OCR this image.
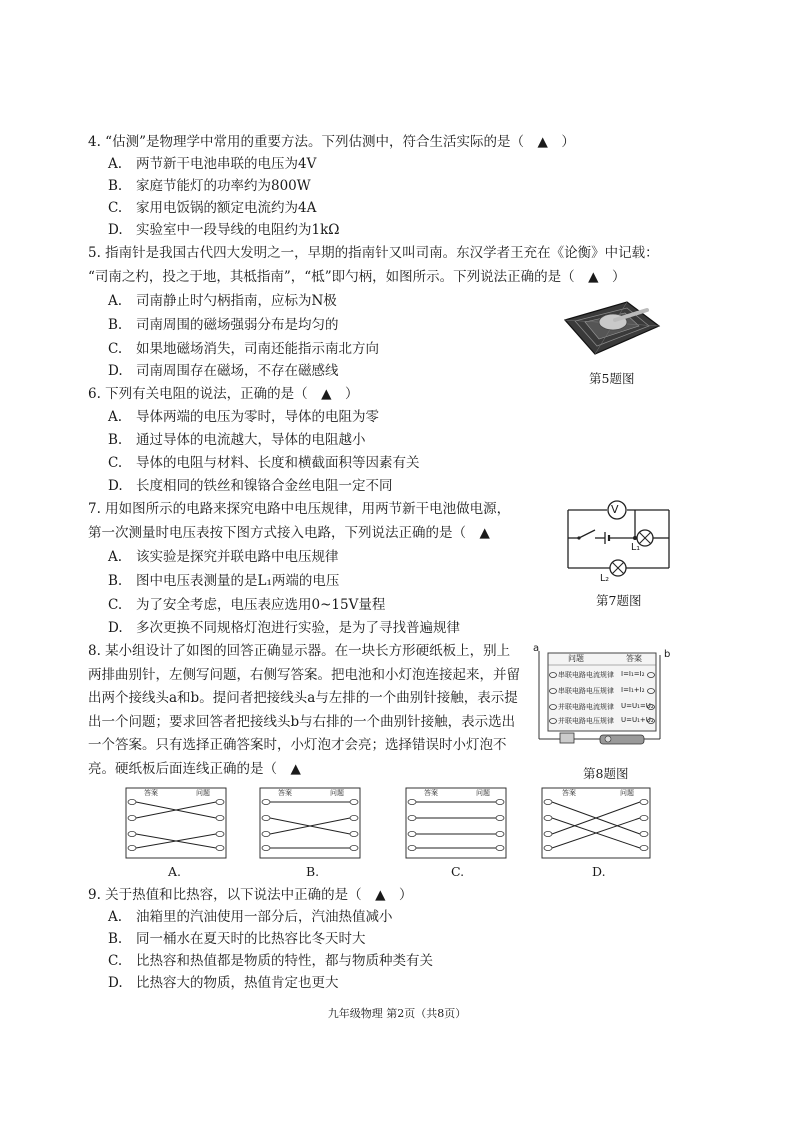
4. “估测”是物理学中常用的重要方法。下列估测中，符合生活实际的是（　▲　）
A. 两节新干电池串联的电压为4V
B. 家庭节能灯的功率约为800W
C. 家用电饭锅的额定电流约为4A
D. 实验室中一段导线的电阻约为1kΩ
5. 指南针是我国古代四大发明之一，早期的指南针又叫司南。东汉学者王充在《论衡》中记载：
“司南之杓，投之于地，其柢指南”，“柢”即勺柄，如图所示。下列说法正确的是（　▲　）
A. 司南静止时勺柄指南，应标为N极
B. 司南周围的磁场强弱分布是均匀的
C. 如果地磁场消失，司南还能指示南北方向
D. 司南周围存在磁场，不存在磁感线	第5题图
6. 下列有关电阻的说法，正确的是（　▲　）
A. 导体两端的电压为零时，导体的电阻为零
B. 通过导体的电流越大，导体的电阻越小
C. 导体的电阻与材料、长度和横截面积等因素有关
D. 长度相同的铁丝和镍铬合金丝电阻一定不同
7. 用如图所示的电路来探究电路中电压规律，用两节新干电池做电源，
第一次测量时电压表按下图方式接入电路，下列说法正确的是（　▲
A. 该实验是探究并联电路中电压规律
B. 图中电压表测量的是L₁两端的电压
C. 为了安全考虑，电压表应选用0~15V量程
D. 多次更换不同规格灯泡进行实验，是为了寻找普遍规律
V
L₁
L₂
第7题图
8. 某小组设计了如图的回答正确显示器。在一块长方形硬纸板上，别上两排曲别针，左侧写问题，右侧写答案。把电池和小灯泡连接起来，并留出两个接线头a和b。提问者把接线头a与左排的一个曲别针接触，表示提出一个问题；要求回答者把接线头b与右排的一个曲别针接触，表示选出一个答案。只有选择正确答案时，小灯泡才会亮；选择错误时小灯泡不亮。硬纸板后面连线正确的是（　▲
a
b
问题	答案
串联电路电流规律 I=I₁=I₂
串联电路电压规律 I=I₁+I₂
并联电路电流规律 U=U₁=U₂
并联电路电压规律 U=U₁+U₂
第8题图
答案	问题
A.
答案	问题
B.
答案	问题
C.
答案	问题
D.
9. 关于热值和比热容，以下说法中正确的是（　▲　）
A. 油箱里的汽油使用一部分后，汽油热值减小
B. 同一桶水在夏天时的比热容比冬天时大
C. 比热容和热值都是物质的特性，都与物质种类有关
D. 比热容大的物质，热值肯定也更大
九年级物理 第2页（共8页）
